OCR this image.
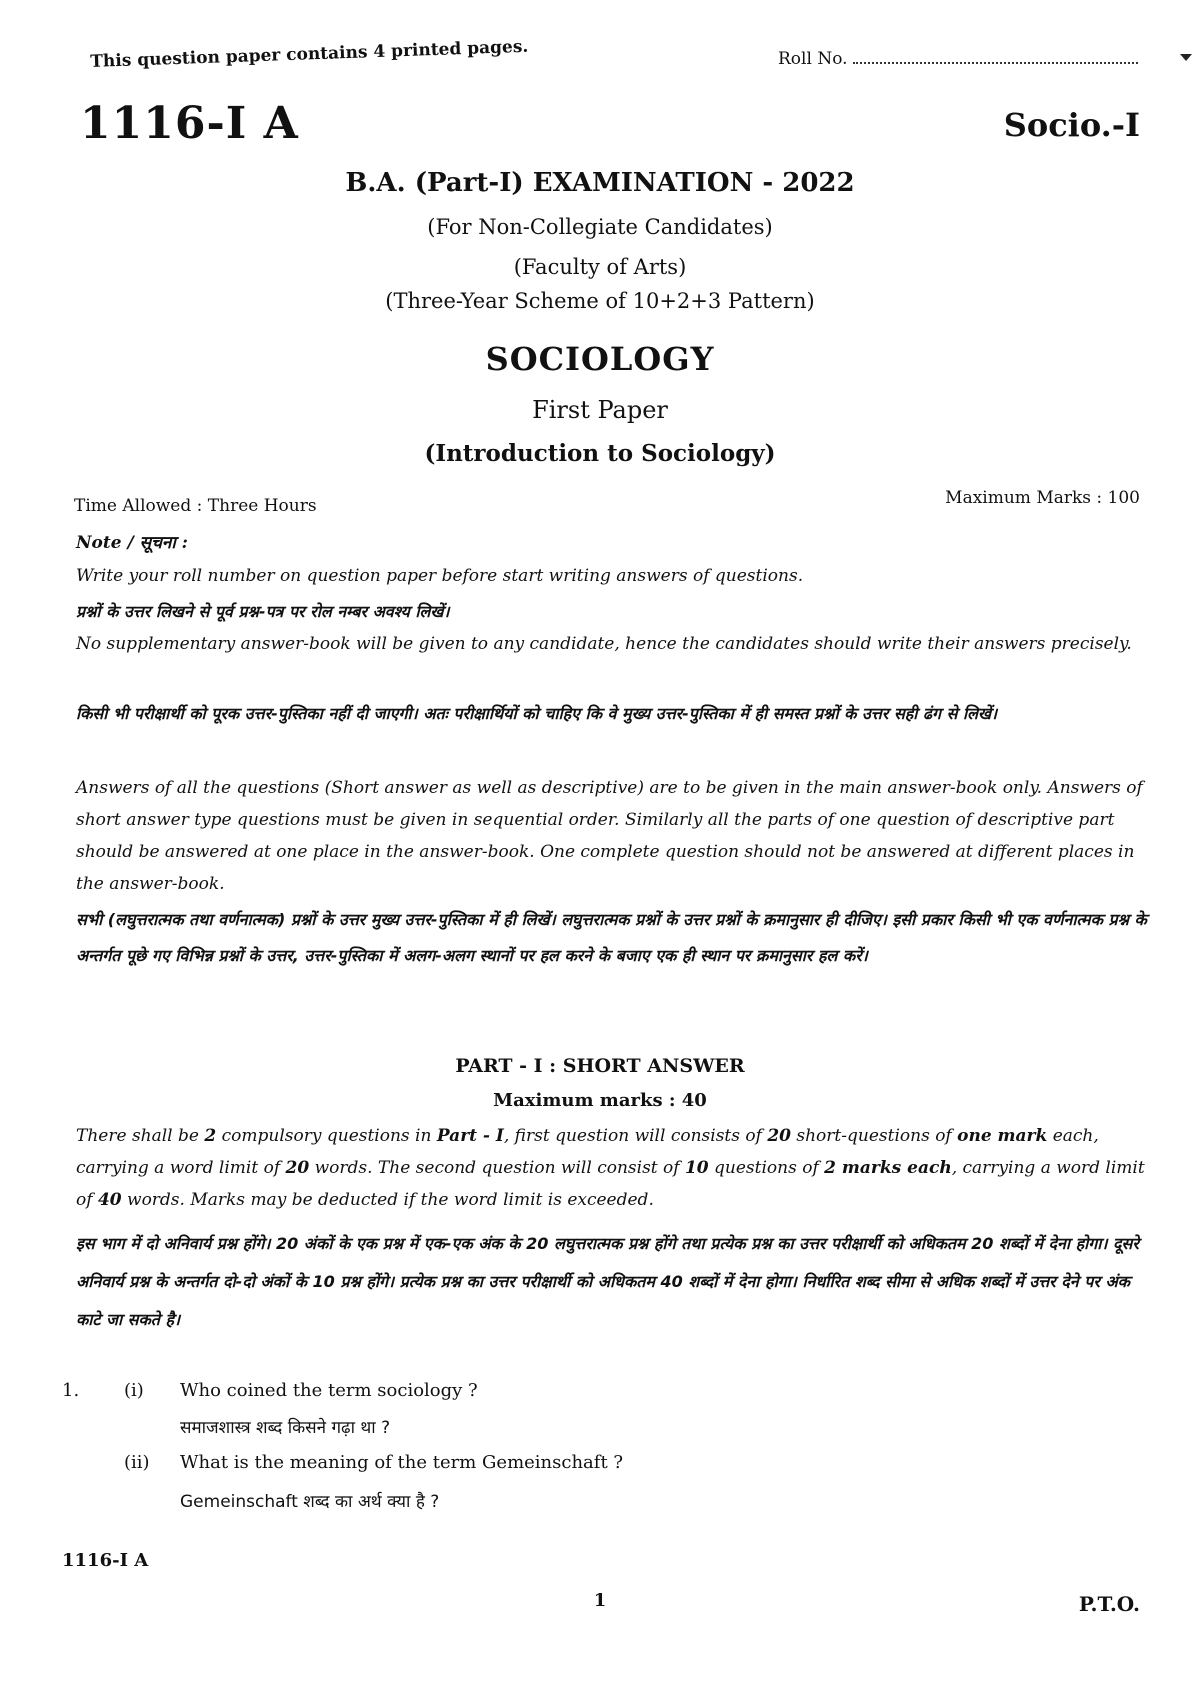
This question paper contains 4 printed pages.	Roll No.
1116-I A	Socio.-I
B.A. (Part-I) EXAMINATION - 2022
(For Non-Collegiate Candidates)
(Faculty of Arts)
(Three-Year Scheme of 10+2+3 Pattern)
SOCIOLOGY
First Paper
(Introduction to Sociology)
Time Allowed : Three Hours	Maximum Marks : 100
Note / सूचना :
Write your roll number on question paper before start writing answers of questions.
प्रश्नों के उत्तर लिखने से पूर्व प्रश्न-पत्र पर रोल नम्बर अवश्य लिखें।
No supplementary answer-book will be given to any candidate, hence the candidates should write their answers precisely.
किसी भी परीक्षार्थी को पूरक उत्तर-पुस्तिका नहीं दी जाएगी। अतः परीक्षार्थियों को चाहिए कि वे मुख्य उत्तर-पुस्तिका में ही समस्त प्रश्नों के उत्तर सही ढंग से लिखें।
Answers of all the questions (Short answer as well as descriptive) are to be given in the main answer-book only. Answers of short answer type questions must be given in sequential order. Similarly all the parts of one question of descriptive part should be answered at one place in the answer-book. One complete question should not be answered at different places in the answer-book.
सभी (लघुत्तरात्मक तथा वर्णनात्मक) प्रश्नों के उत्तर मुख्य उत्तर-पुस्तिका में ही लिखें। लघुत्तरात्मक प्रश्नों के उत्तर प्रश्नों के क्रमानुसार ही दीजिए। इसी प्रकार किसी भी एक वर्णनात्मक प्रश्न के अन्तर्गत पूछे गए विभिन्न प्रश्नों के उत्तर, उत्तर-पुस्तिका में अलग-अलग स्थानों पर हल करने के बजाए एक ही स्थान पर क्रमानुसार हल करें।
PART - I : SHORT ANSWER
Maximum marks : 40
There shall be 2 compulsory questions in Part - I, first question will consists of 20 short-questions of one mark each, carrying a word limit of 20 words. The second question will consist of 10 questions of 2 marks each, carrying a word limit of 40 words. Marks may be deducted if the word limit is exceeded.
इस भाग में दो अनिवार्य प्रश्न होंगे। 20 अंकों के एक प्रश्न में एक-एक अंक के 20 लघुत्तरात्मक प्रश्न होंगे तथा प्रत्येक प्रश्न का उत्तर परीक्षार्थी को अधिकतम 20 शब्दों में देना होगा। दूसरे अनिवार्य प्रश्न के अन्तर्गत दो-दो अंकों के 10 प्रश्न होंगे। प्रत्येक प्रश्न का उत्तर परीक्षार्थी को अधिकतम 40 शब्दों में देना होगा। निर्धारित शब्द सीमा से अधिक शब्दों में उत्तर देने पर अंक काटे जा सकते है।
1. (i) Who coined the term sociology ?
समाजशास्त्र शब्द किसने गढ़ा था ?
(ii) What is the meaning of the term Gemeinschaft ?
Gemeinschaft शब्द का अर्थ क्या है ?
1116-I A
1	P.T.O.
